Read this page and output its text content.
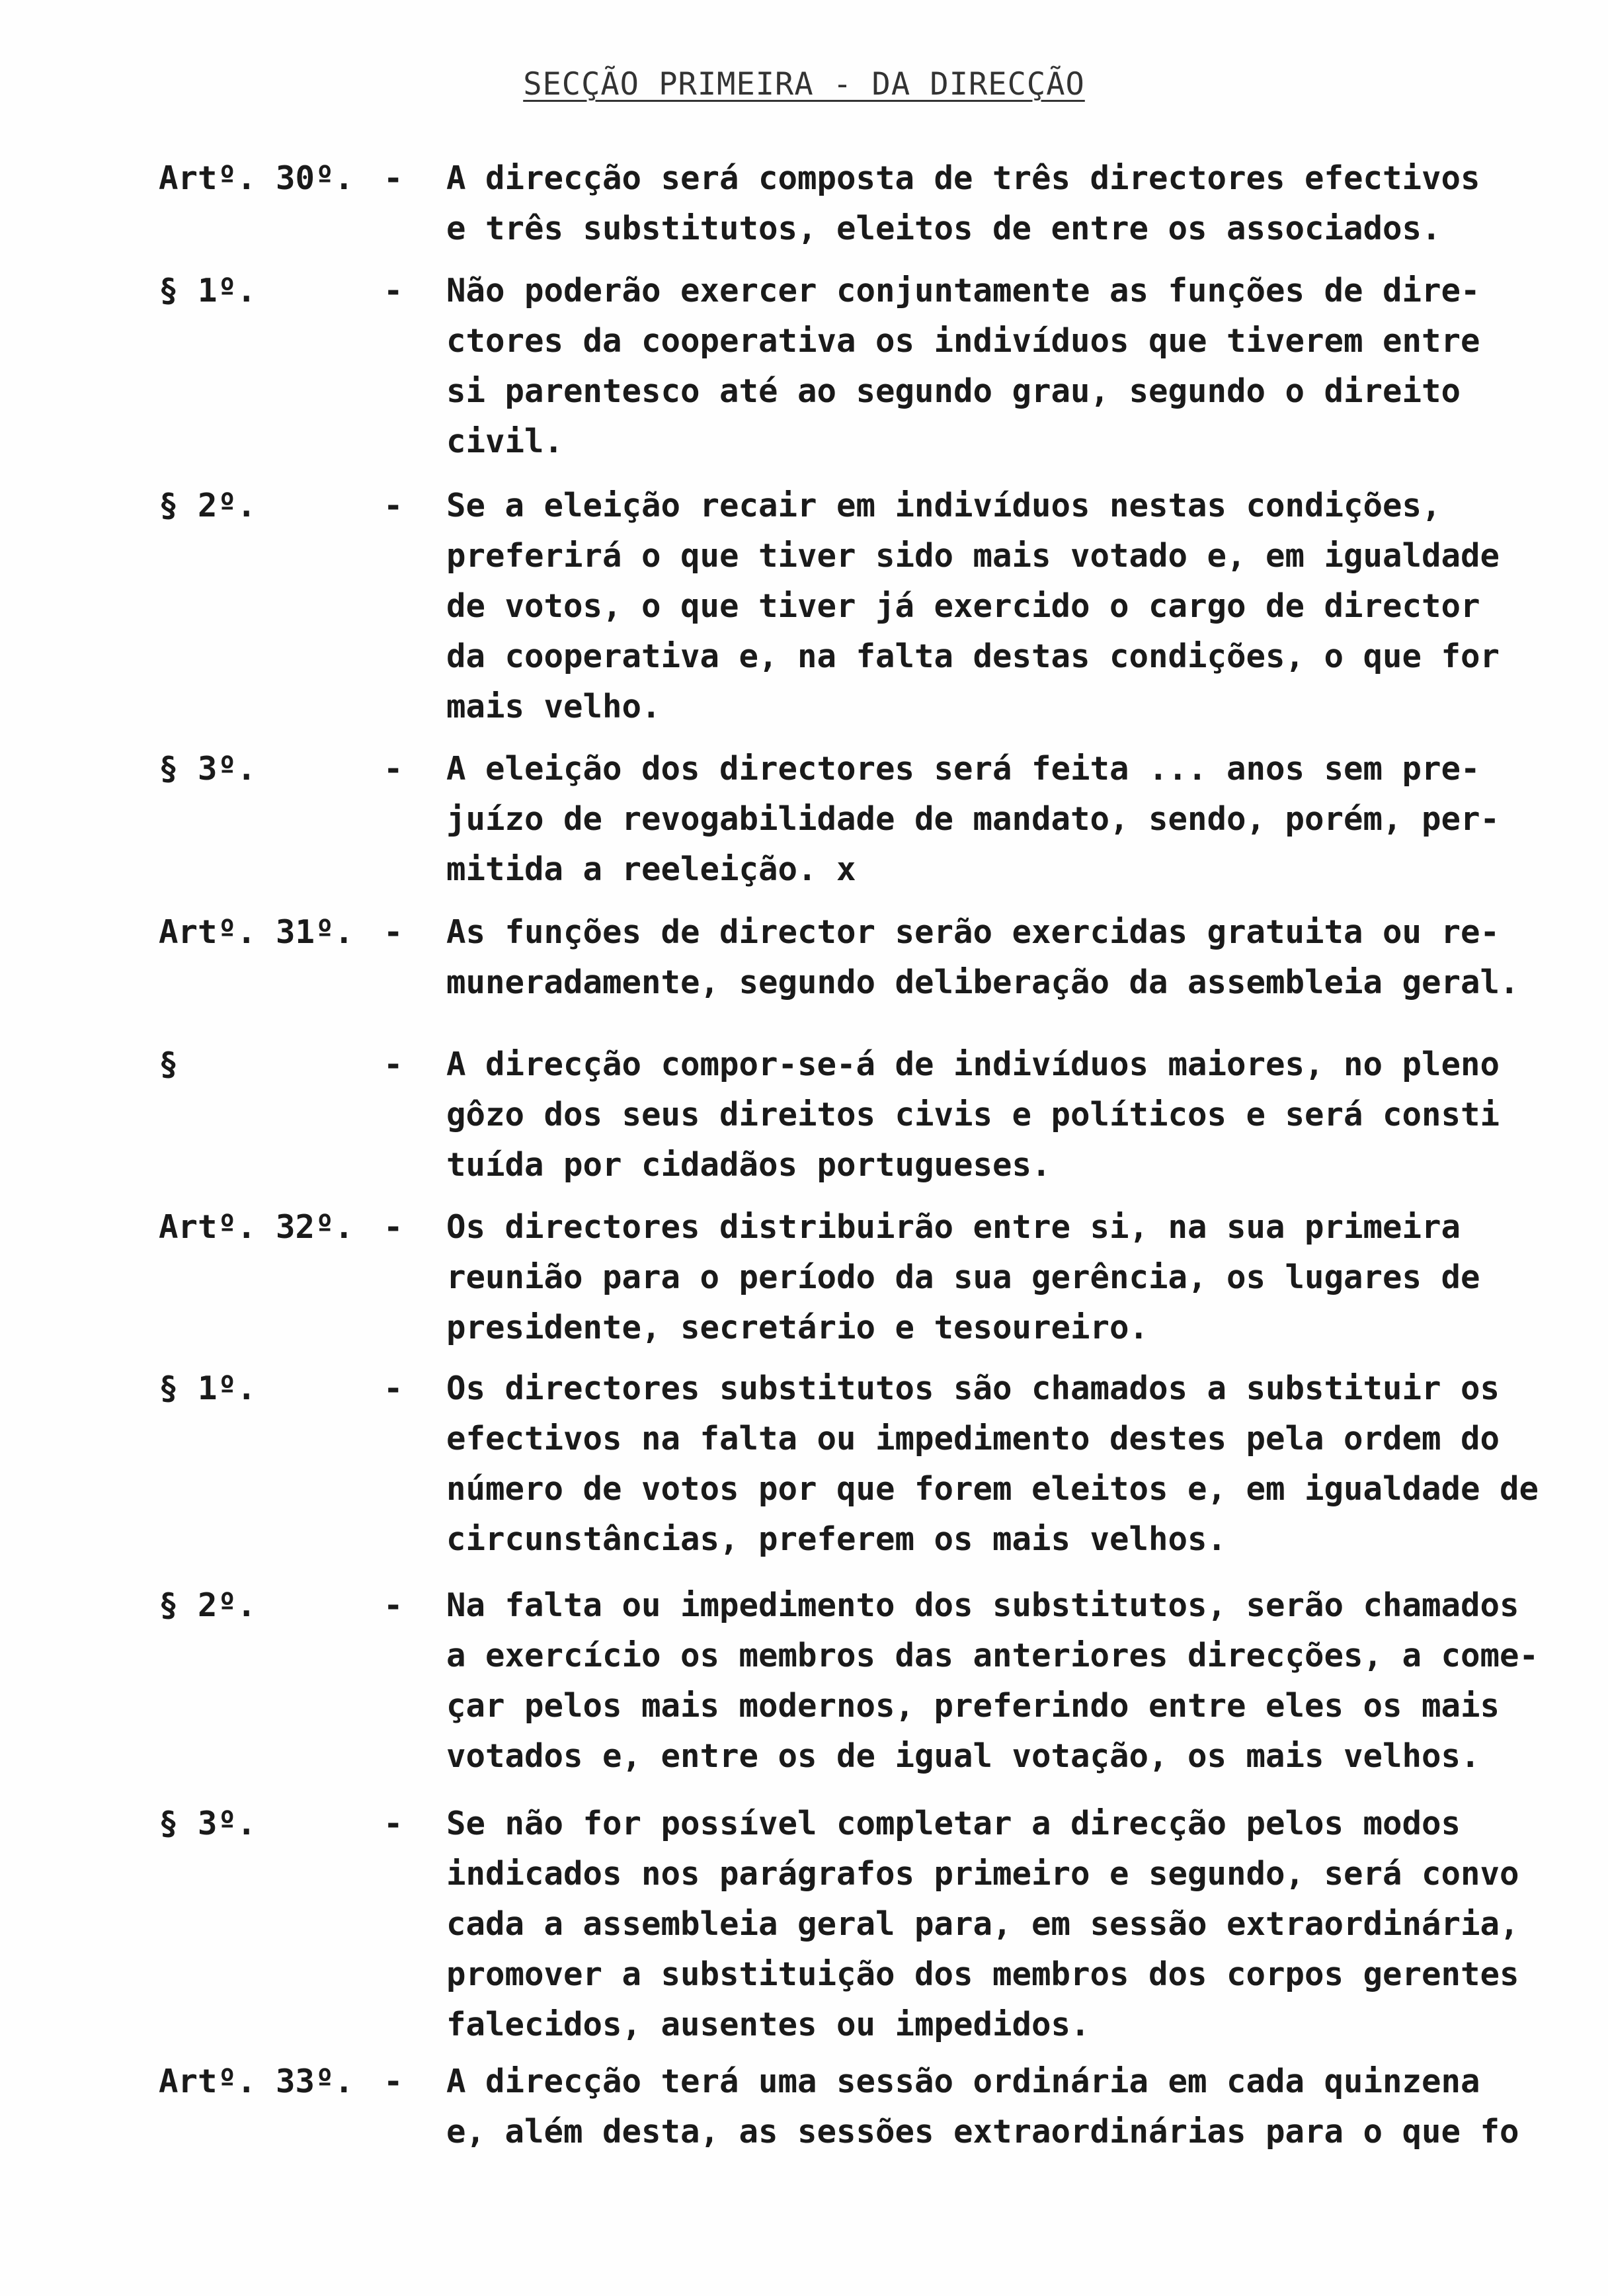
SECÇÃO PRIMEIRA - DA DIRECÇÃO
Artº. 30º. - A direcção será composta de três directores efectivos
e três substitutos, eleitos de entre os associados.
§ 1º.	- Não poderão exercer conjuntamente as funções de dire-
ctores da cooperativa os indivíduos que tiverem entre
si parentesco até ao segundo grau, segundo o direito
civil.
§ 2º.	- Se a eleição recair em indivíduos nestas condições,
preferirá o que tiver sido mais votado e, em igualdade
de votos, o que tiver já exercido o cargo de director
da cooperativa e, na falta destas condições, o que for
mais velho.
§ 3º.	- A eleição dos directores será feita ... anos sem pre-
juízo de revogabilidade de mandato, sendo, porém, per-
mitida a reeleição. x
Artº. 31º. - As funções de director serão exercidas gratuita ou re-
muneradamente, segundo deliberação da assembleia geral.
§	- A direcção compor-se-á de indivíduos maiores, no pleno
gôzo dos seus direitos civis e políticos e será consti
tuída por cidadãos portugueses.
Artº. 32º. - Os directores distribuirão entre si, na sua primeira
reunião para o período da sua gerência, os lugares de
presidente, secretário e tesoureiro.
§ 1º.	- Os directores substitutos são chamados a substituir os
efectivos na falta ou impedimento destes pela ordem do
número de votos por que forem eleitos e, em igualdade de
circunstâncias, preferem os mais velhos.
§ 2º.	- Na falta ou impedimento dos substitutos, serão chamados
a exercício os membros das anteriores direcções, a come-
çar pelos mais modernos, preferindo entre eles os mais
votados e, entre os de igual votação, os mais velhos.
§ 3º.	- Se não for possível completar a direcção pelos modos
indicados nos parágrafos primeiro e segundo, será convo
cada a assembleia geral para, em sessão extraordinária,
promover a substituição dos membros dos corpos gerentes
falecidos, ausentes ou impedidos.
Artº. 33º. - A direcção terá uma sessão ordinária em cada quinzena
e, além desta, as sessões extraordinárias para o que fo
